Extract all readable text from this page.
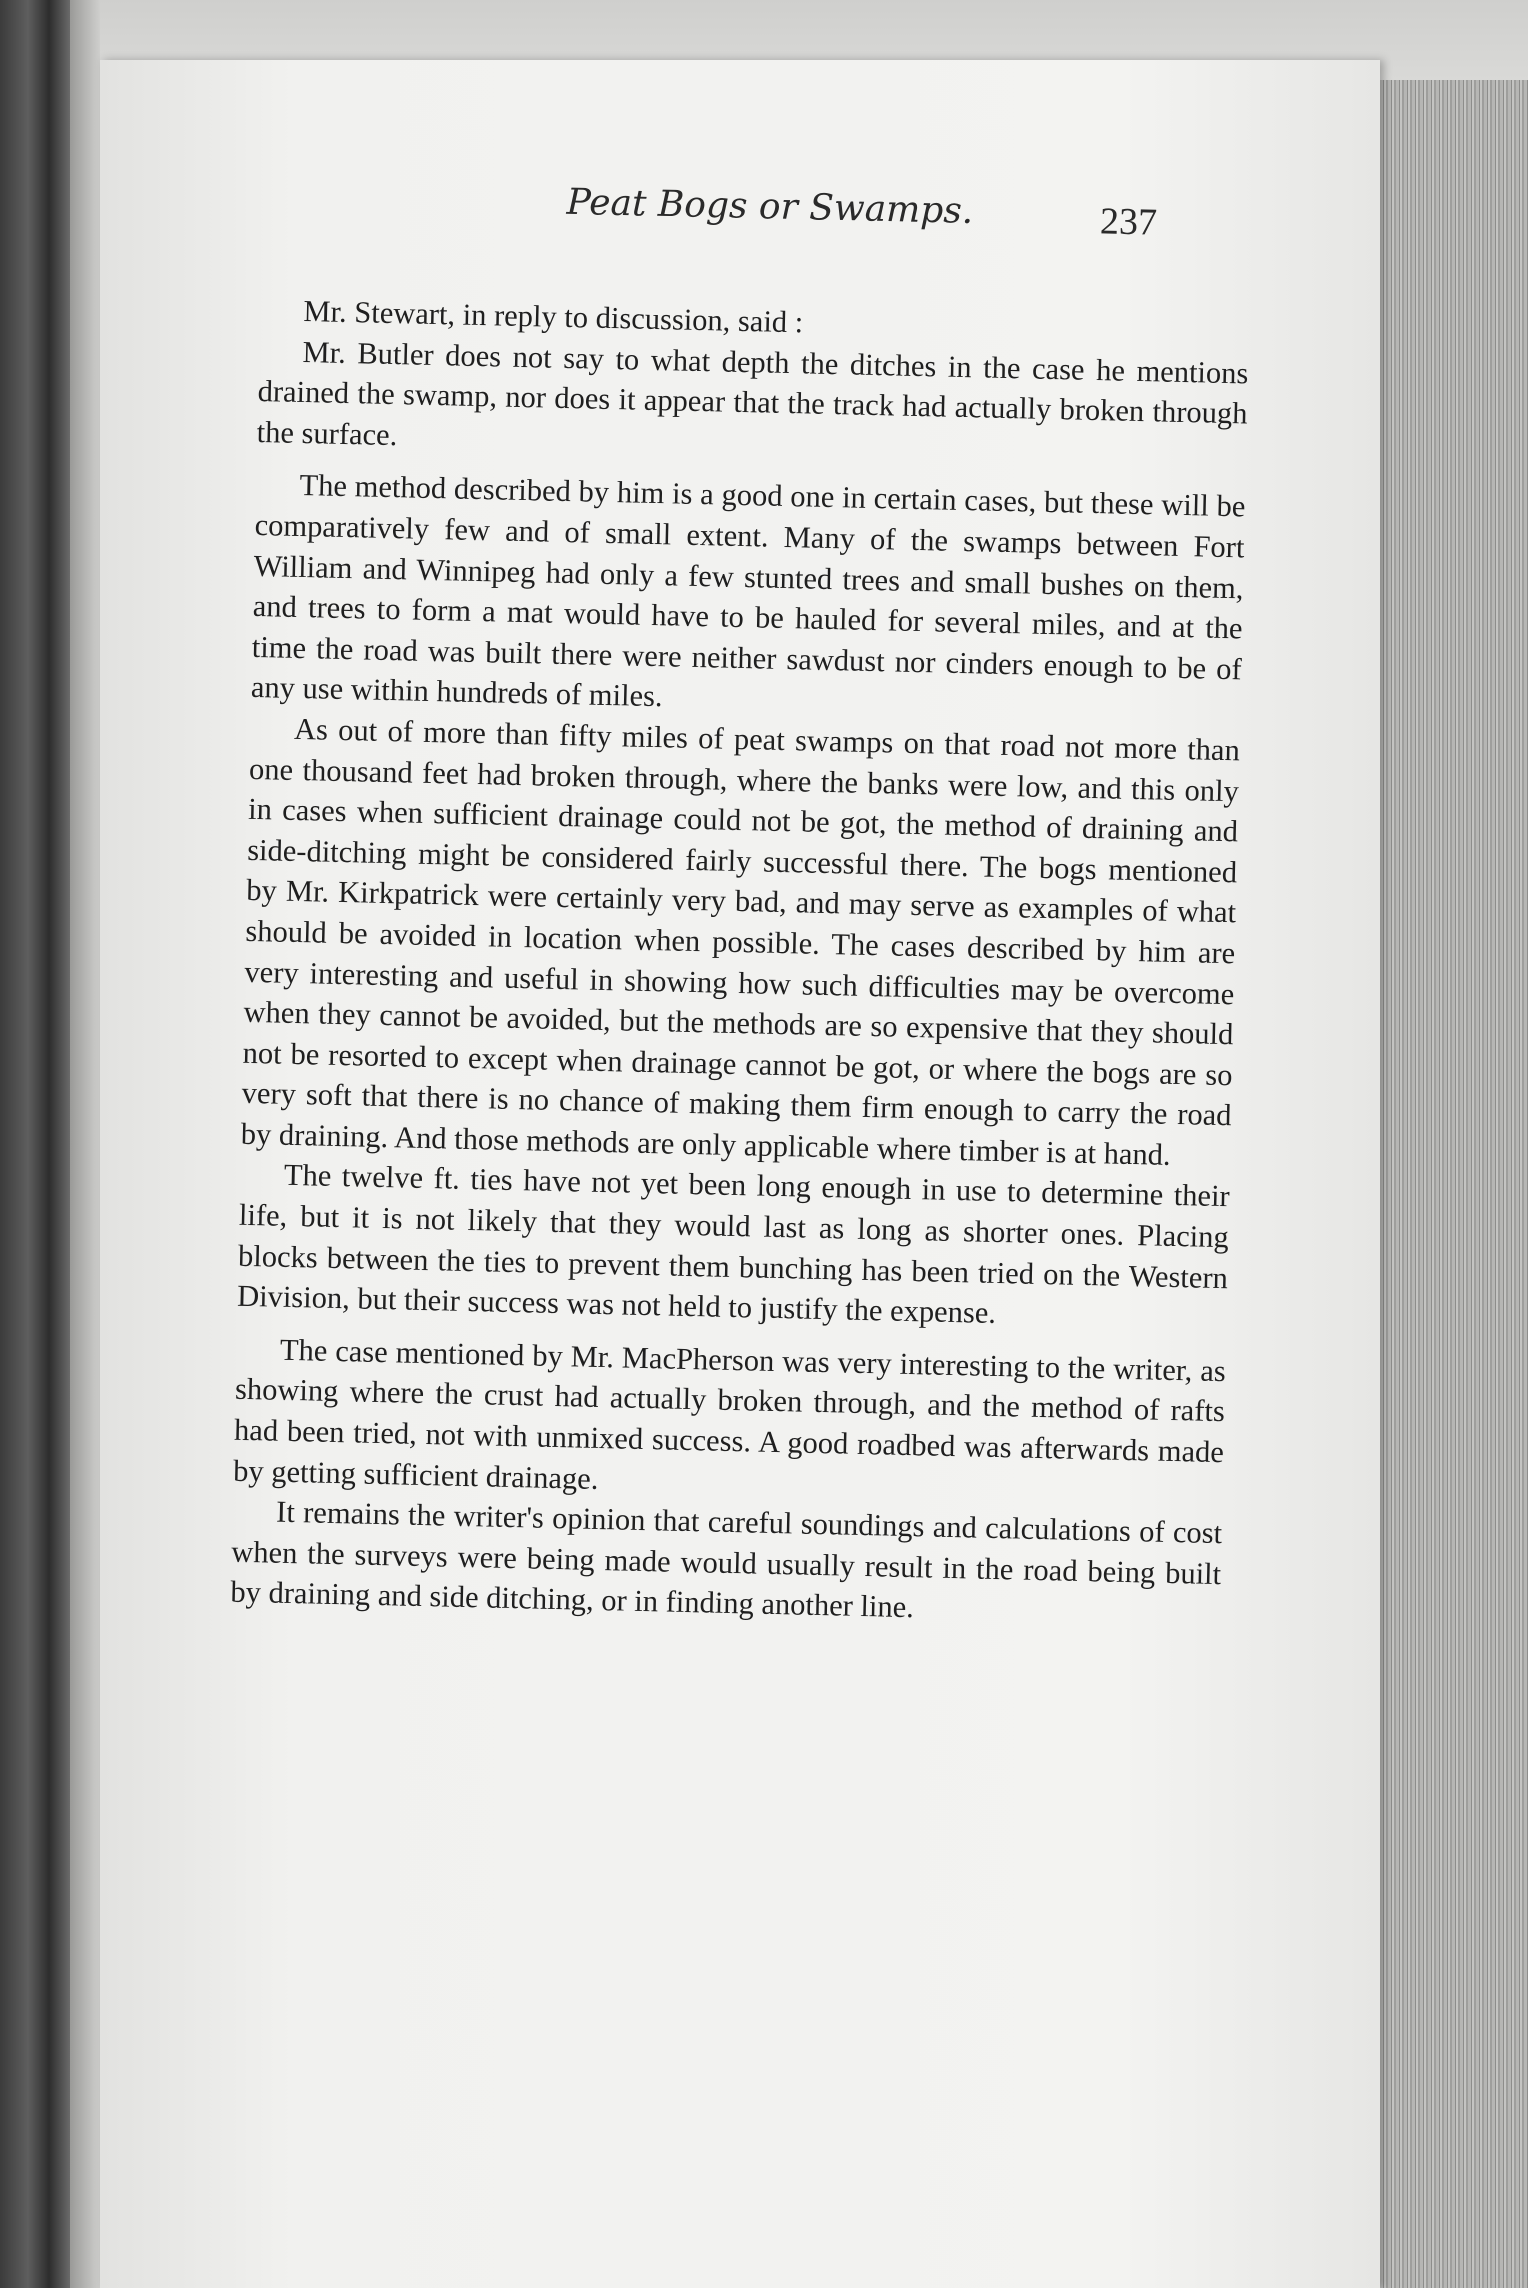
Peat Bogs or Swamps.	237

Mr. Stewart, in reply to discussion, said :

Mr. Butler does not say to what depth the ditches in the case he mentions drained the swamp, nor does it appear that the track had actually broken through the surface.

The method described by him is a good one in certain cases, but these will be comparatively few and of small extent. Many of the swamps between Fort William and Winnipeg had only a few stunted trees and small bushes on them, and trees to form a mat would have to be hauled for several miles, and at the time the road was built there were neither sawdust nor cinders enough to be of any use within hundreds of miles.

As out of more than fifty miles of peat swamps on that road not more than one thousand feet had broken through, where the banks were low, and this only in cases when sufficient drainage could not be got, the method of draining and side-ditching might be considered fairly successful there. The bogs mentioned by Mr. Kirkpatrick were certainly very bad, and may serve as examples of what should be avoided in location when possible. The cases described by him are very interesting and useful in showing how such difficulties may be overcome when they cannot be avoided, but the methods are so expensive that they should not be resorted to except when drainage cannot be got, or where the bogs are so very soft that there is no chance of making them firm enough to carry the road by draining. And those methods are only applicable where timber is at hand.

The twelve ft. ties have not yet been long enough in use to determine their life, but it is not likely that they would last as long as shorter ones. Placing blocks between the ties to prevent them bunching has been tried on the Western Division, but their success was not held to justify the expense.

The case mentioned by Mr. MacPherson was very interesting to the writer, as showing where the crust had actually broken through, and the method of rafts had been tried, not with unmixed success. A good roadbed was afterwards made by getting sufficient drainage.

It remains the writer's opinion that careful soundings and calculations of cost when the surveys were being made would usually result in the road being built by draining and side ditching, or in finding another line.
